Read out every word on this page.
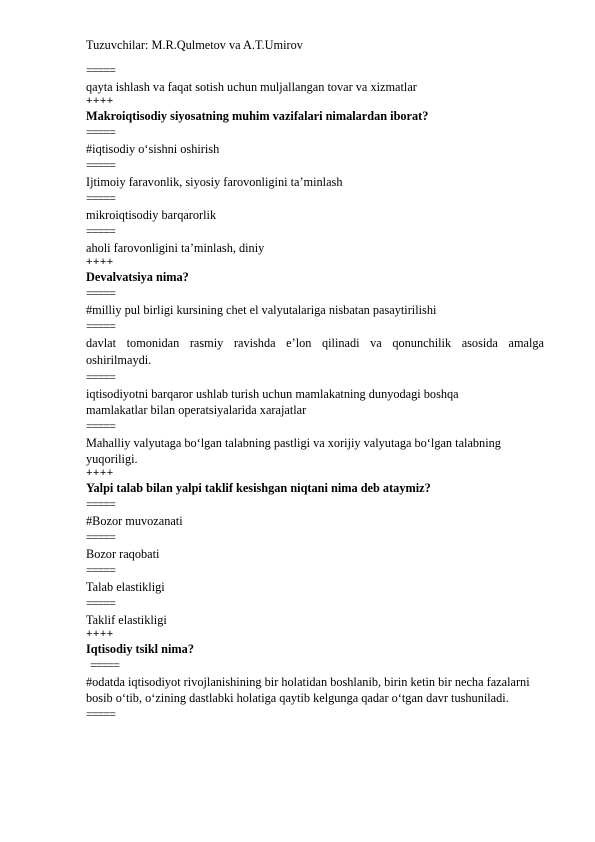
Tuzuvchilar: M.R.Qulmetov va A.T.Umirov
=====
qayta ishlash va faqat sotish uchun muljallangan tovar va xizmatlar
++++
Makroiqtisodiy siyosatning muhim vazifalari nimalardan iborat?
=====
#iqtisodiy o‘sishni oshirish
=====
Ijtimoiy faravonlik, siyosiy farovonligini ta’minlash
=====
mikroiqtisodiy barqarorlik
=====
aholi farovonligini ta’minlash, diniy
++++
Devalvatsiya nima?
=====
#milliy pul birligi kursining chet el valyutalariga nisbatan pasaytirilishi
=====
davlat tomonidan rasmiy ravishda e’lon qilinadi va qonunchilik asosida amalga oshirilmaydi.
=====
iqtisodiyotni barqaror ushlab turish uchun mamlakatning dunyodagi boshqa mamlakatlar bilan operatsiyalarida xarajatlar
=====
Mahalliy valyutaga bo‘lgan talabning pastligi va xorijiy valyutaga bo‘lgan talabning yuqoriligi.
++++
Yalpi talab bilan yalpi taklif kesishgan niqtani nima deb ataymiz?
=====
#Bozor muvozanati
=====
Bozor raqobati
=====
Talab elastikligi
=====
Taklif elastikligi
++++
Iqtisodiy tsikl nima?
=====
#odatda iqtisodiyot rivojlanishining bir holatidan boshlanib, birin ketin bir necha fazalarni bosib o‘tib, o‘zining dastlabki holatiga qaytib kelgunga qadar o‘tgan davr tushuniladi.
=====
